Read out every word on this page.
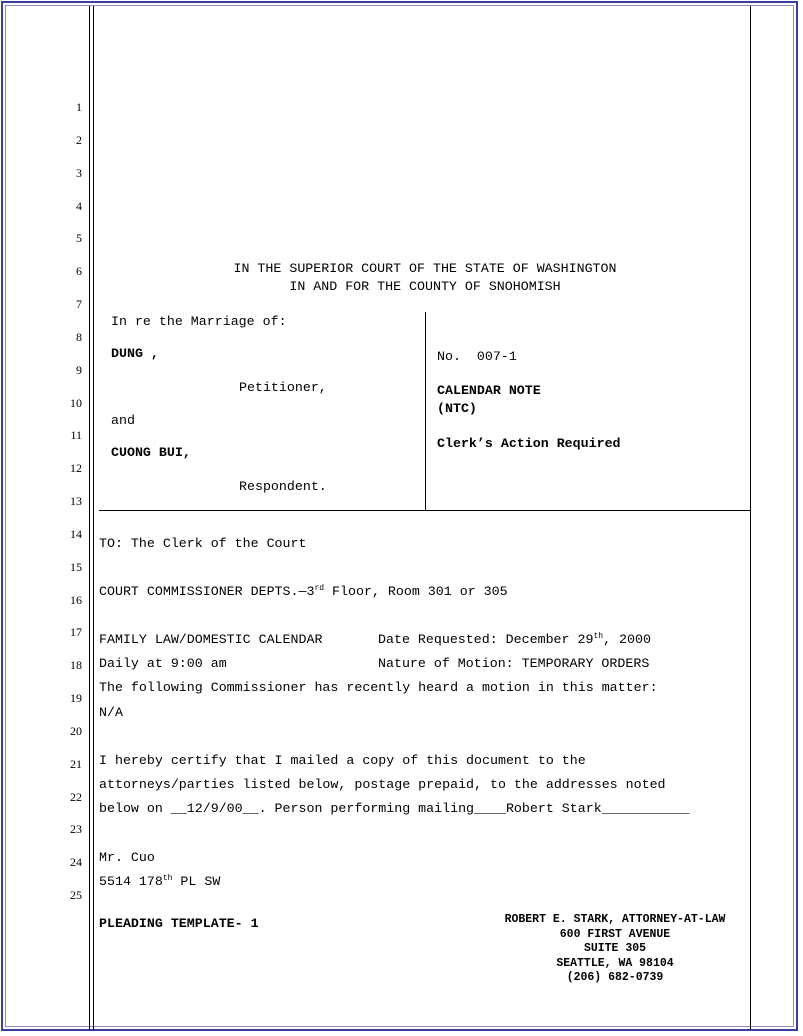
1
2
3
4
5
6
7
8
9
10
11
12
13
14
15
16
17
18
19
20
21
22
23
24
25
IN THE SUPERIOR COURT OF THE STATE OF WASHINGTON
IN AND FOR THE COUNTY OF SNOHOMISH
In re the Marriage of:
DUNG ,
Petitioner,
and
CUONG BUI,
Respondent.
No.  007-1
CALENDAR NOTE
(NTC)
Clerk’s Action Required
TO: The Clerk of the Court
COURT COMMISSIONER DEPTS.—3rd Floor, Room 301 or 305
FAMILY LAW/DOMESTIC CALENDAR	Date Requested: December 29th, 2000
Daily at 9:00 am	Nature of Motion: TEMPORARY ORDERS
The following Commissioner has recently heard a motion in this matter:
N/A
I hereby certify that I mailed a copy of this document to the
attorneys/parties listed below, postage prepaid, to the addresses noted
below on __12/9/00__. Person performing mailing____Robert Stark___________
Mr. Cuo
5514 178th PL SW
PLEADING TEMPLATE- 1	ROBERT E. STARK, ATTORNEY-AT-LAW
600 FIRST AVENUE
SUITE 305
SEATTLE, WA 98104
(206) 682-0739
